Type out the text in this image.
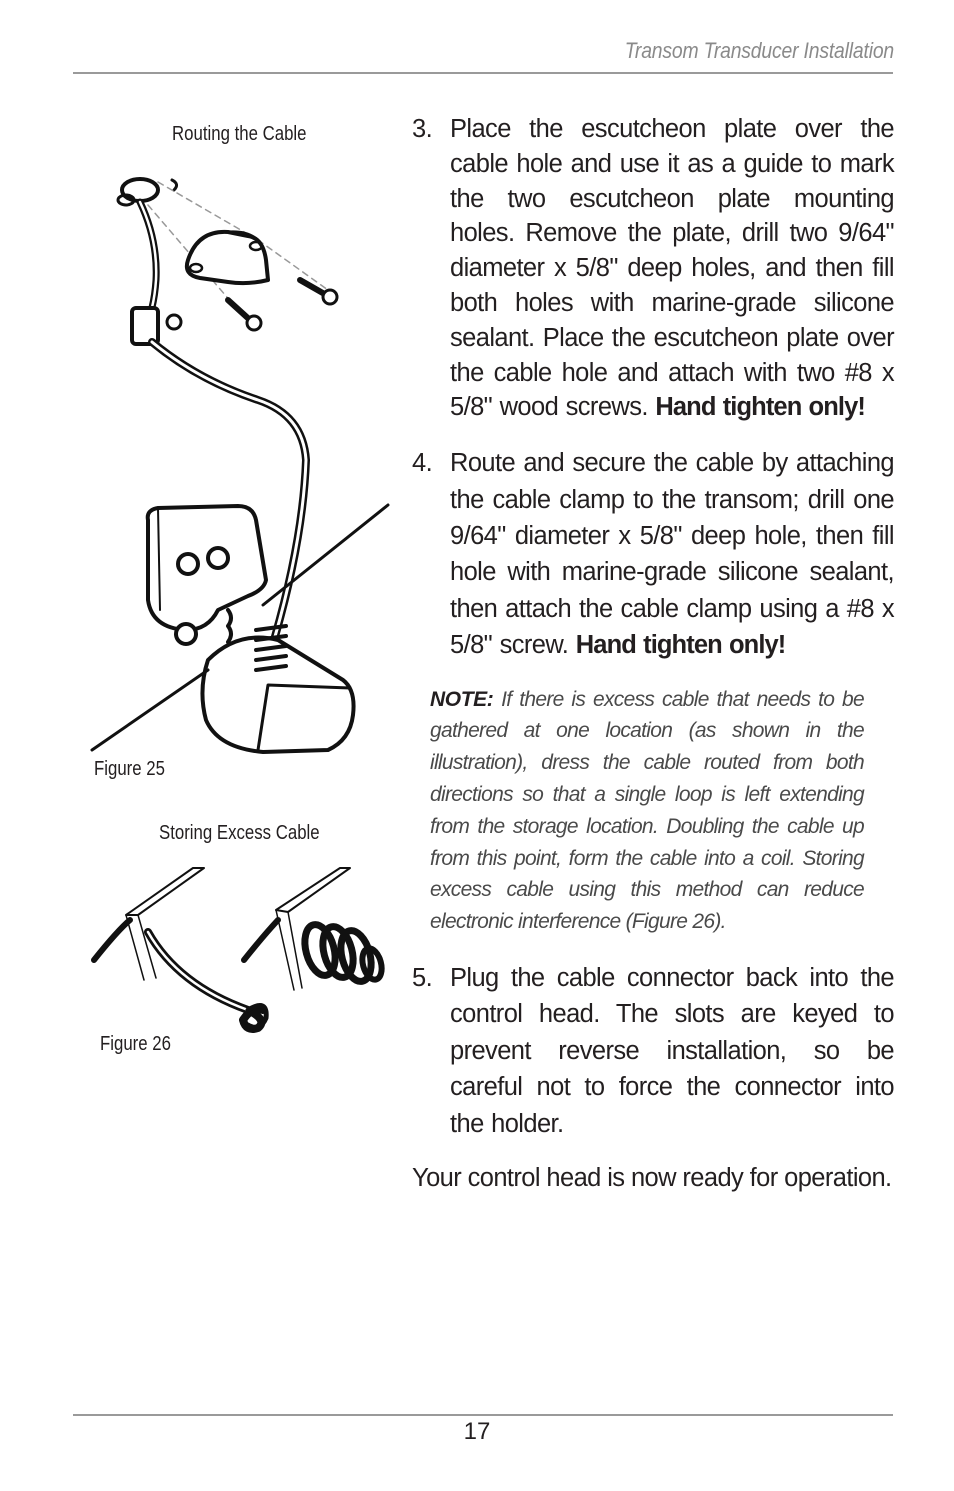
Transom Transducer Installation
Routing the Cable
Figure 25
Storing Excess Cable
Figure 26
3. Place the escutcheon plate over the cable hole and use it as a guide to mark the two escutcheon plate mounting holes. Remove the plate, drill two 9/64" diameter x 5/8" deep holes, and then fill both holes with marine-grade silicone sealant. Place the escutcheon plate over the cable hole and attach with two #8 x 5/8" wood screws. Hand tighten only!
4. Route and secure the cable by attaching the cable clamp to the transom; drill one 9/64" diameter x 5/8" deep hole, then fill hole with marine-grade silicone sealant, then attach the cable clamp using a #8 x 5/8" screw. Hand tighten only!
NOTE: If there is excess cable that needs to be gathered at one location (as shown in the illustration), dress the cable routed from both directions so that a single loop is left extending from the storage location. Doubling the cable up from this point, form the cable into a coil. Storing excess cable using this method can reduce electronic interference (Figure 26).
5. Plug the cable connector back into the control head. The slots are keyed to prevent reverse installation, so be careful not to force the connector into the holder.
Your control head is now ready for operation.
17
